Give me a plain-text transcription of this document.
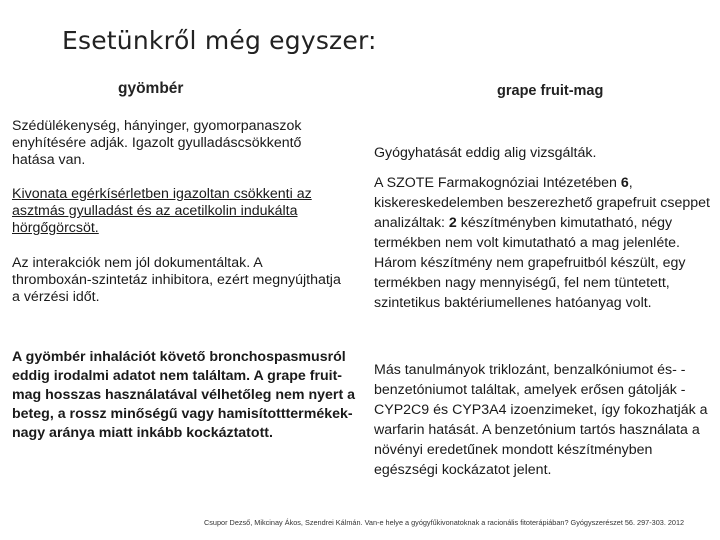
Esetünkről még egyszer:
gyömbér	grape fruit-mag
Szédülékenység, hányinger, gyomorpanaszok enyhítésére adják. Igazolt gyulladáscsökkentő hatása van.
Kivonata egérkísérletben igazoltan csökkenti az asztmás gyulladást és az acetilkolin indukálta hörgőgörcsöt.
Az interakciók nem jól dokumentáltak. A thromboxán-szintetáz inhibitora, ezért megnyújthatja a vérzési időt.
A gyömbér inhalációt követő bronchospasmusról eddig irodalmi adatot nem találtam. A grape fruit-mag hosszas használatával vélhetőleg nem nyert a beteg, a rossz minőségű vagy hamisítotttermékek- nagy aránya miatt inkább kockáztatott.
Gyógyhatását eddig alig vizsgálták.
A SZOTE Farmakognóziai Intézetében 6, kiskereskedelemben beszerezhető grapefruit cseppet analizáltak: 2 készítményben kimutatható, négy termékben nem volt kimutatható a mag jelenléte. Három készítmény nem grapefruitból készült, egy termékben nagy mennyiségű, fel nem tüntetett, szintetikus baktériumellenes hatóanyag volt.
Más tanulmányok triklozánt, benzalkóniumot és- - benzetóniumot találtak, amelyek erősen gátolják -CYP2C9 és CYP3A4 izoenzimeket, így fokozhatják a warfarin hatását. A benzetónium tartós használata a növényi eredetűnek mondott készítményben egészségi kockázatot jelent.
Csupor Dezső, Mikcinay Ákos, Szendrei Kálmán. Van-e helye a gyógyfűkivonatoknak a racionális fitoterápiában? Gyógyszerészet 56. 297-303. 2012
